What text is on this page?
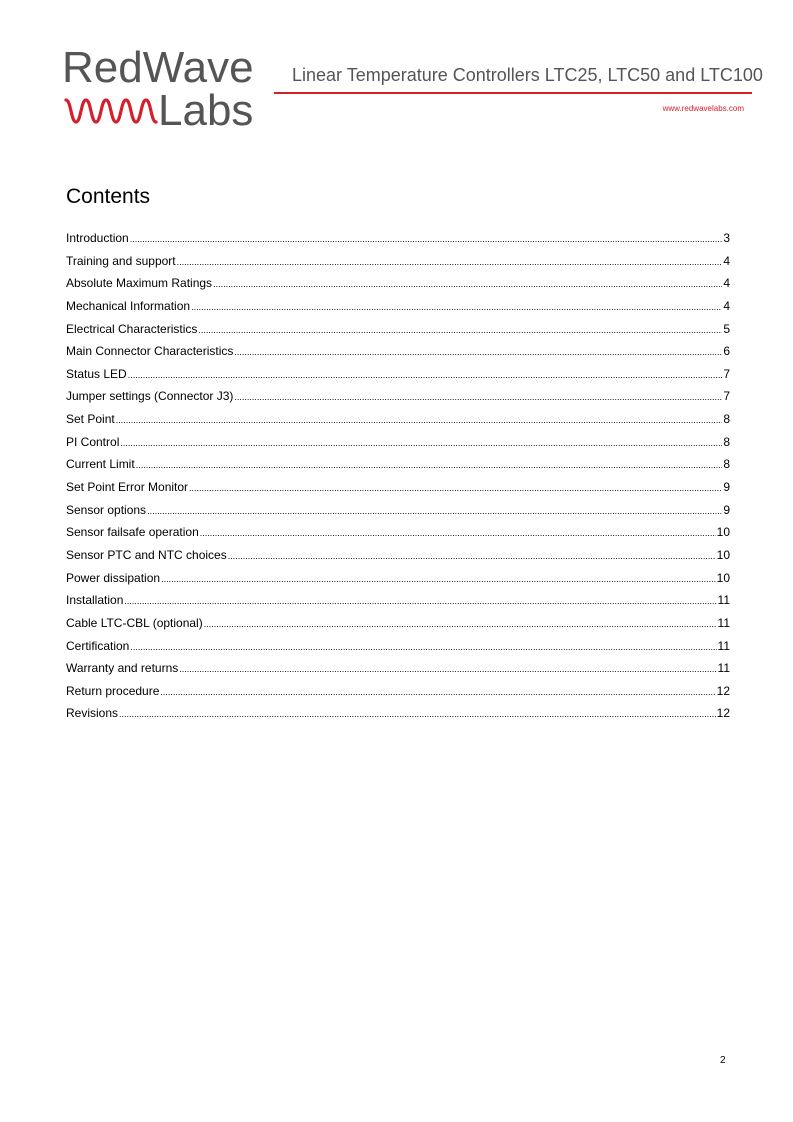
RedWave
Labs
Linear Temperature Controllers LTC25, LTC50 and LTC100
www.redwavelabs.com
Contents
Introduction .....	3
Training and support .....	4
Absolute Maximum Ratings .....	4
Mechanical Information .....	4
Electrical Characteristics .....	5
Main Connector Characteristics .....	6
Status LED .....	7
Jumper settings (Connector J3) .....	7
Set Point .....	8
PI Control .....	8
Current Limit .....	8
Set Point Error Monitor .....	9
Sensor options .....	9
Sensor failsafe operation .....	10
Sensor PTC and NTC choices .....	10
Power dissipation .....	10
Installation .....	11
Cable LTC-CBL (optional) .....	11
Certification .....	11
Warranty and returns .....	11
Return procedure .....	12
Revisions .....	12
2
